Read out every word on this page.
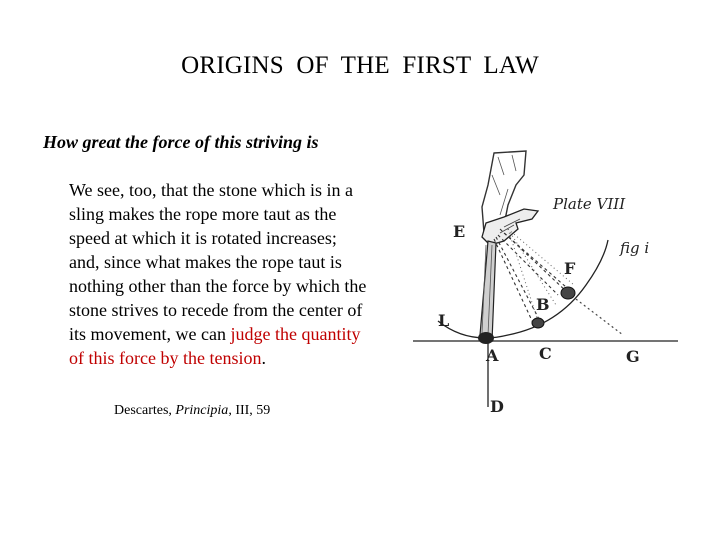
ORIGINS OF THE FIRST LAW
How great the force of this striving is
We see, too, that the stone which is in a sling makes the rope more taut as the speed at which it is rotated increases; and, since what makes the rope taut is nothing other than the force by which the stone strives to recede from the center of its movement, we can judge the quantity of this force by the tension.
Descartes, Principia, III, 59
Plate VIII
fig i
E
F
B
L
A	C	G
D
